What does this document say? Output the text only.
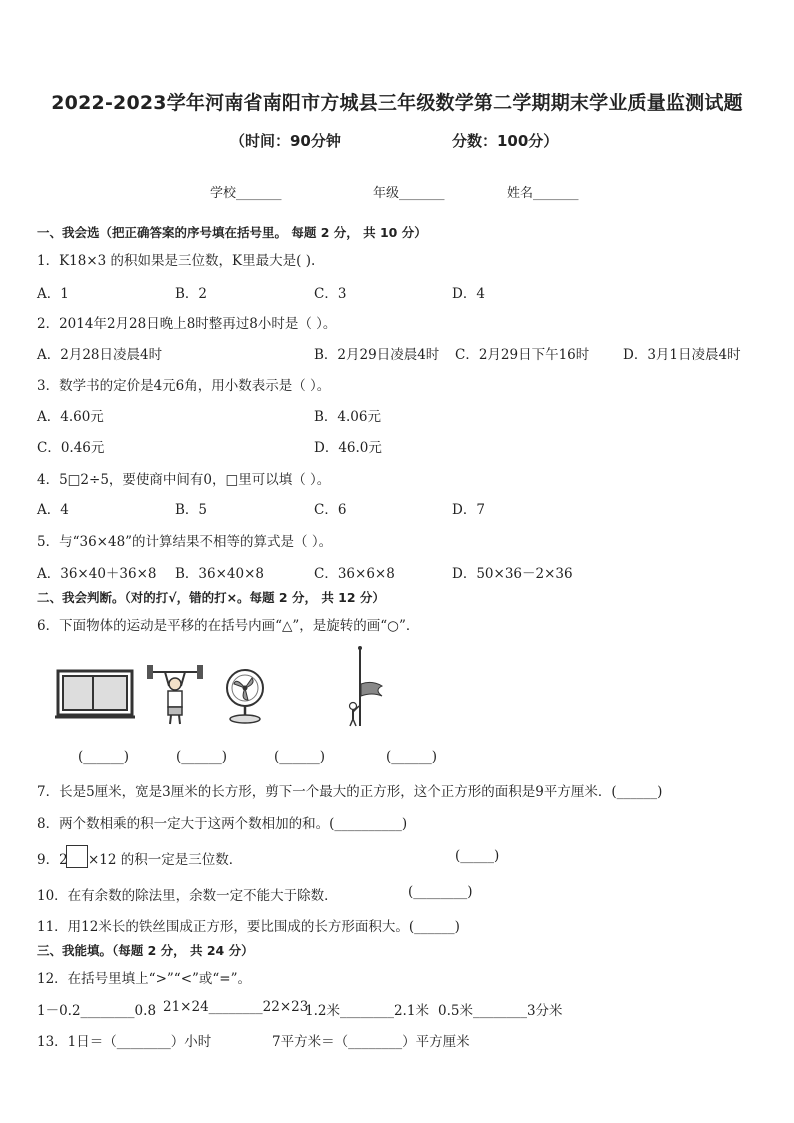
2022-2023学年河南省南阳市方城县三年级数学第二学期期末学业质量监测试题
（时间：90分钟	分数：100分）
学校_______	年级_______	姓名_______
一、我会选（把正确答案的序号填在括号里。 每题 2 分， 共 10 分）
1．K18×3 的积如果是三位数，K里最大是( ).
A．1	B．2	C．3	D．4
2．2014年2月28日晚上8时整再过8小时是（ ）。
A．2月28日凌晨4时	B．2月29日凌晨4时 C．2月29日下午16时 D．3月1日凌晨4时
3．数学书的定价是4元6角，用小数表示是（ ）。
A．4.60元	B．4.06元
C．0.46元	D．46.0元
4．5□2÷5，要使商中间有0，□里可以填（ ）。
A．4	B．5	C．6	D．7
5．与“36×48”的计算结果不相等的算式是（ ）。
A．36×40＋36×8 B．36×40×8	C．36×6×8	D．50×36－2×36
二、我会判断。（对的打√，错的打×。每题 2 分， 共 12 分）
6．下面物体的运动是平移的在括号内画“△”，是旋转的画“○”．
(______)	(______)	(______)	(______)
7．长是5厘米，宽是3厘米的长方形，剪下一个最大的正方形，这个正方形的面积是9平方厘米．(______)
8．两个数相乘的积一定大于这两个数相加的和。(__________)
9．2 ×12 的积一定是三位数．	(_____)
10．在有余数的除法里，余数一定不能大于除数．	(________)
11．用12米长的铁丝围成正方形，要比围成的长方形面积大。(______)
三、我能填。（每题 2 分， 共 24 分）
12．在括号里填上“>”“<”或“=”。
1－0.2________0.8 21×24________22×23
1.2米________2.1米 0.5米________3分米
13．1日＝（________）小时	7平方米＝（________）平方厘米
